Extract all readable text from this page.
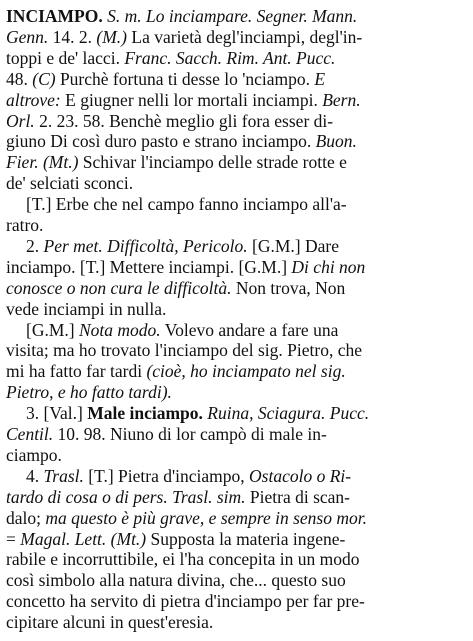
INCIAMPO. S. m. Lo inciampare. Segner. Mann.
Genn. 14. 2. (M.) La varietà degl'inciampi, degl'in-
toppi e de' lacci. Franc. Sacch. Rim. Ant. Pucc.
48. (C) Purchè fortuna ti desse lo 'nciampo. E
altrove: E giugner nelli lor mortali inciampi. Bern.
Orl. 2. 23. 58. Benchè meglio gli fora esser di-
giuno Di così duro pasto e strano inciampo. Buon.
Fier. (Mt.) Schivar l'inciampo delle strade rotte e
de' selciati sconci.
[T.] Erbe che nel campo fanno inciampo all'a-
ratro.
2. Per met. Difficoltà, Pericolo. [G.M.] Dare
inciampo. [T.] Mettere inciampi. [G.M.] Di chi non
conosce o non cura le difficoltà. Non trova, Non
vede inciampi in nulla.
[G.M.] Nota modo. Volevo andare a fare una
visita; ma ho trovato l'inciampo del sig. Pietro, che
mi ha fatto far tardi (cioè, ho inciampato nel sig.
Pietro, e ho fatto tardi).
3. [Val.] Male inciampo. Ruina, Sciagura. Pucc.
Centil. 10. 98. Niuno di lor campò di male in-
ciampo.
4. Trasl. [T.] Pietra d'inciampo, Ostacolo o Ri-
tardo di cosa o di pers. Trasl. sim. Pietra di scan-
dalo; ma questo è più grave, e sempre in senso mor.
= Magal. Lett. (Mt.) Supposta la materia ingene-
rabile e incorruttibile, ei l'ha concepita in un modo
così simbolo alla natura divina, che... questo suo
concetto ha servito di pietra d'inciampo per far pre-
cipitare alcuni in quest'eresia.
